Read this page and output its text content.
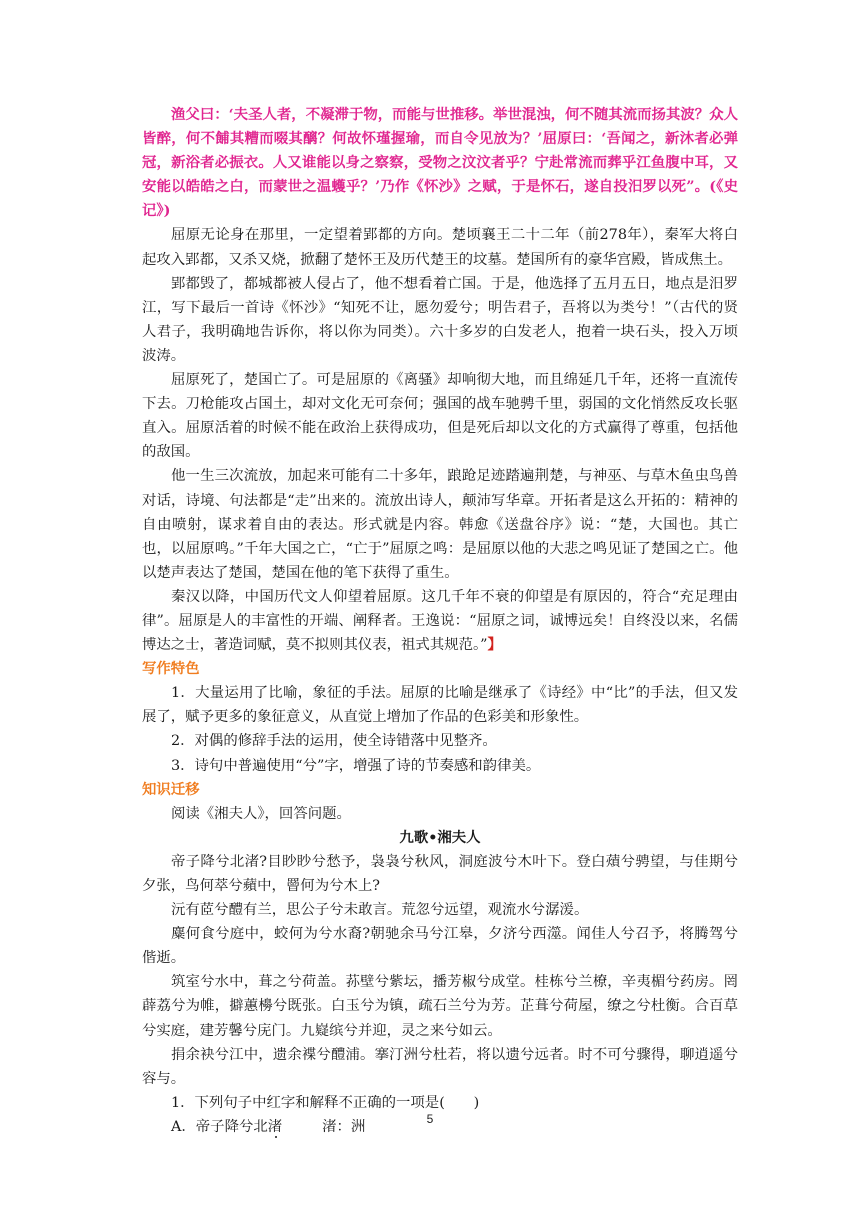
渔父曰：‘夫圣人者，不凝滞于物，而能与世推移。举世混浊，何不随其流而扬其波？众人皆醉，何不餔其糟而啜其醨？何故怀瑾握瑜，而自令见放为？’屈原曰：‘吾闻之，新沐者必弹冠，新浴者必振衣。人又谁能以身之察察，受物之汶汶者乎？宁赴常流而葬乎江鱼腹中耳，又安能以皓皓之白，而蒙世之温蠖乎？’乃作《怀沙》之赋，于是怀石，遂自投汨罗以死”。(《史记》)

屈原无论身在那里，一定望着郢都的方向。楚顷襄王二十二年（前278年），秦军大将白起攻入郢都，又杀又烧，掀翻了楚怀王及历代楚王的坟墓。楚国所有的豪华宫殿，皆成焦土。

郢都毁了，都城都被人侵占了，他不想看着亡国。于是，他选择了五月五日，地点是汨罗江，写下最后一首诗《怀沙》“知死不让，愿勿爱兮；明告君子，吾将以为类兮！”（古代的贤人君子，我明确地告诉你，将以你为同类）。六十多岁的白发老人，抱着一块石头，投入万顷波涛。

屈原死了，楚国亡了。可是屈原的《离骚》却响彻大地，而且绵延几千年，还将一直流传下去。刀枪能攻占国土，却对文化无可奈何；强国的战车驰骋千里，弱国的文化悄然反攻长驱直入。屈原活着的时候不能在政治上获得成功，但是死后却以文化的方式赢得了尊重，包括他的敌国。

他一生三次流放，加起来可能有二十多年，踉跄足迹踏遍荆楚，与神巫、与草木鱼虫鸟兽对话，诗境、句法都是“走”出来的。流放出诗人，颠沛写华章。开拓者是这么开拓的：精神的自由喷射，谋求着自由的表达。形式就是内容。韩愈《送盘谷序》说：“楚，大国也。其亡也，以屈原鸣。”千年大国之亡，“亡于”屈原之鸣：是屈原以他的大悲之鸣见证了楚国之亡。他以楚声表达了楚国，楚国在他的笔下获得了重生。

秦汉以降，中国历代文人仰望着屈原。这几千年不衰的仰望是有原因的，符合“充足理由律”。屈原是人的丰富性的开端、阐释者。王逸说：“屈原之词，诚博远矣！自终没以来，名儒博达之士，著造词赋，莫不拟则其仪表，祖式其规范。”】

写作特色

1．大量运用了比喻，象征的手法。屈原的比喻是继承了《诗经》中“比”的手法，但又发展了，赋予更多的象征意义，从直觉上增加了作品的色彩美和形象性。

2．对偶的修辞手法的运用，使全诗错落中见整齐。

3．诗句中普遍使用“兮”字，增强了诗的节奏感和韵律美。

知识迁移

阅读《湘夫人》，回答问题。

九歌•湘夫人

帝子降兮北渚?目眇眇兮愁予，袅袅兮秋风，洞庭波兮木叶下。登白薠兮骋望，与佳期兮夕张，鸟何萃兮蘋中，罾何为兮木上?

沅有茝兮醴有兰，思公子兮未敢言。荒忽兮远望，观流水兮潺湲。

麋何食兮庭中，蛟何为兮水裔?朝驰余马兮江皋，夕济兮西澨。闻佳人兮召予，将腾驾兮偕逝。

筑室兮水中，葺之兮荷盖。荪壁兮紫坛，播芳椒兮成堂。桂栋兮兰橑，辛夷楣兮药房。罔薜荔兮为帷，擗蕙櫋兮既张。白玉兮为镇，疏石兰兮为芳。芷葺兮荷屋，缭之兮杜衡。合百草兮实庭，建芳馨兮庑门。九嶷缤兮并迎，灵之来兮如云。

捐余袂兮江中，遗余褋兮醴浦。搴汀洲兮杜若，将以遗兮远者。时不可兮骤得，聊逍遥兮容与。

1．下列句子中红字和解释不正确的一项是(　　)

A．帝子降兮北渚	渚：洲	5
